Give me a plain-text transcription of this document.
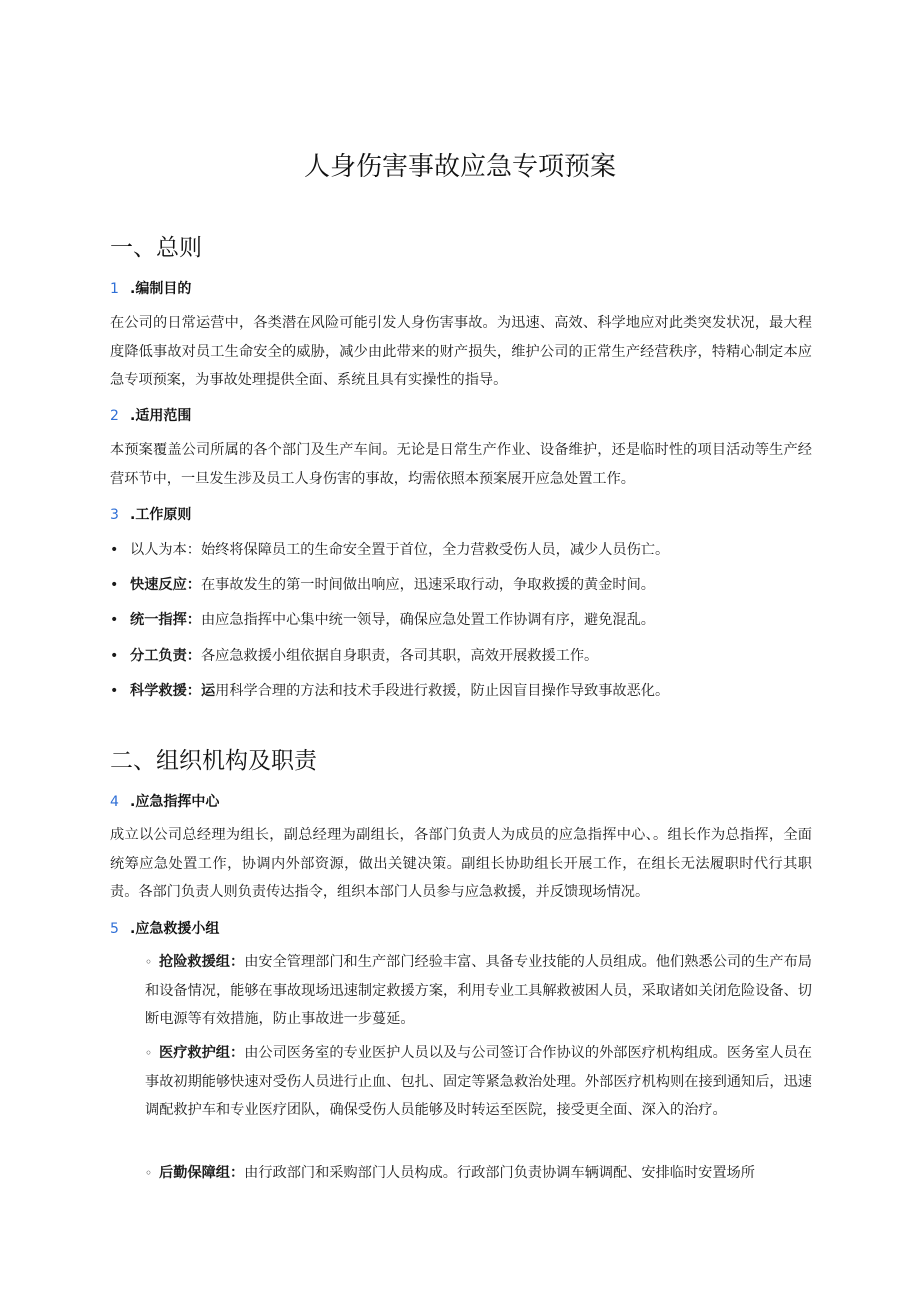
人身伤害事故应急专项预案
一、总则
1 .编制目的
在公司的日常运营中，各类潜在风险可能引发人身伤害事故。为迅速、高效、科学地应对此类突发状况，最大程度降低事故对员工生命安全的威胁，减少由此带来的财产损失，维护公司的正常生产经营秩序，特精心制定本应急专项预案，为事故处理提供全面、系统且具有实操性的指导。
2 .适用范围
本预案覆盖公司所属的各个部门及生产车间。无论是日常生产作业、设备维护，还是临时性的项目活动等生产经营环节中，一旦发生涉及员工人身伤害的事故，均需依照本预案展开应急处置工作。
3 .工作原则
• 以人为本：始终将保障员工的生命安全置于首位，全力营救受伤人员，减少人员伤亡。
• 快速反应：在事故发生的第一时间做出响应，迅速采取行动，争取救援的黄金时间。
• 统一指挥：由应急指挥中心集中统一领导，确保应急处置工作协调有序，避免混乱。
• 分工负责：各应急救援小组依据自身职责，各司其职，高效开展救援工作。
• 科学救援：运用科学合理的方法和技术手段进行救援，防止因盲目操作导致事故恶化。
二、组织机构及职责
4 .应急指挥中心
成立以公司总经理为组长，副总经理为副组长，各部门负责人为成员的应急指挥中心、。组长作为总指挥，全面统筹应急处置工作，协调内外部资源，做出关键决策。副组长协助组长开展工作，在组长无法履职时代行其职责。各部门负责人则负责传达指令，组织本部门人员参与应急救援，并反馈现场情况。
5 .应急救援小组
◦ 抢险救援组：由安全管理部门和生产部门经验丰富、具备专业技能的人员组成。他们熟悉公司的生产布局和设备情况，能够在事故现场迅速制定救援方案，利用专业工具解救被困人员，采取诸如关闭危险设备、切断电源等有效措施，防止事故进一步蔓延。
◦ 医疗救护组：由公司医务室的专业医护人员以及与公司签订合作协议的外部医疗机构组成。医务室人员在事故初期能够快速对受伤人员进行止血、包扎、固定等紧急救治处理。外部医疗机构则在接到通知后，迅速调配救护车和专业医疗团队，确保受伤人员能够及时转运至医院，接受更全面、深入的治疗。
◦ 后勤保障组：由行政部门和采购部门人员构成。行政部门负责协调车辆调配、安排临时安置场所
